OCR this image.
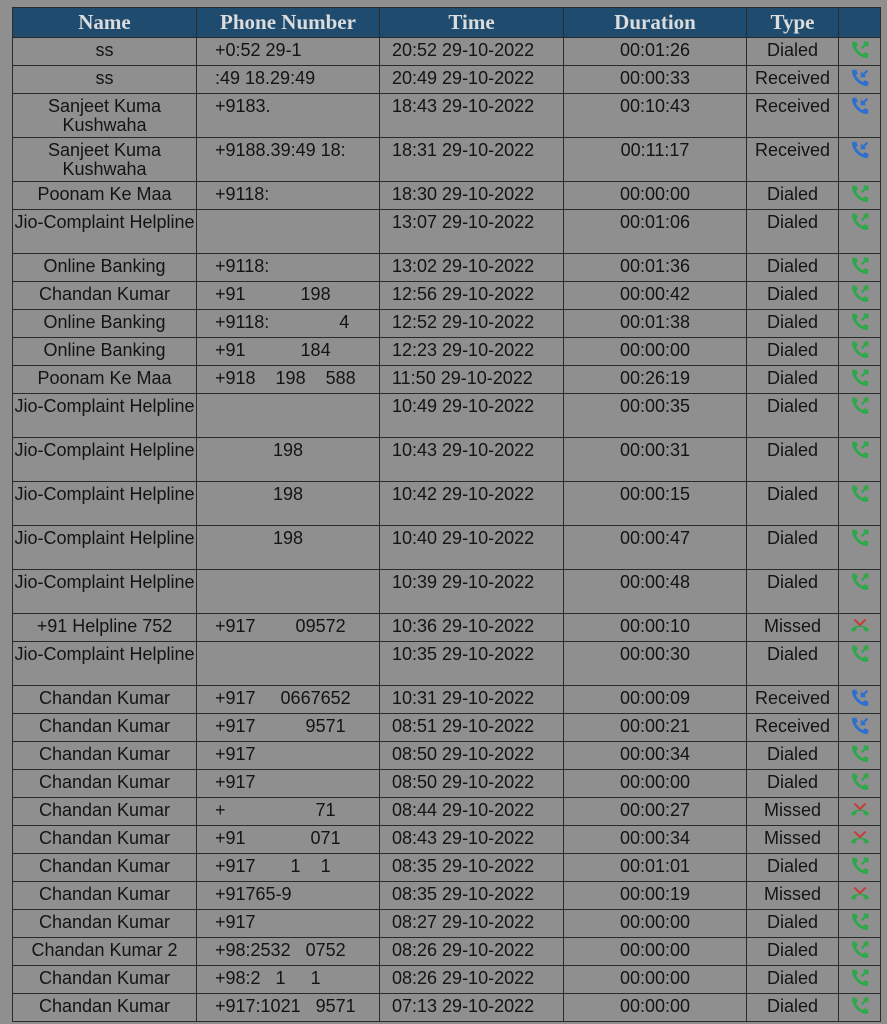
Name	Phone Number	Time	Duration	Type	

ss	+0:52 29-1	20:52 29-10-2022	00:01:26	Dialed

ss	:49 18.29:49	20:49 29-10-2022	00:00:33	Received

Sanjeet Kuma Kushwaha	+9183.	18:43 29-10-2022	00:10:43	Received

Sanjeet Kuma Kushwaha	+9188.39:49 18:	18:31 29-10-2022	00:11:17	Received

Poonam Ke Maa	+9118:	18:30 29-10-2022	00:00:00	Dialed

Jio-Complaint Helpline		13:07 29-10-2022	00:01:06	Dialed

Online Banking	+9118:	13:02 29-10-2022	00:01:36	Dialed

Chandan Kumar	+91           198	12:56 29-10-2022	00:00:42	Dialed

Online Banking	+9118:              4	12:52 29-10-2022	00:01:38	Dialed

Online Banking	+91           184	12:23 29-10-2022	00:00:00	Dialed

Poonam Ke Maa	+918    198    588	11:50 29-10-2022	00:26:19	Dialed

Jio-Complaint Helpline		10:49 29-10-2022	00:00:35	Dialed

Jio-Complaint Helpline	198	10:43 29-10-2022	00:00:31	Dialed

Jio-Complaint Helpline	198	10:42 29-10-2022	00:00:15	Dialed

Jio-Complaint Helpline	198	10:40 29-10-2022	00:00:47	Dialed

Jio-Complaint Helpline		10:39 29-10-2022	00:00:48	Dialed

+91 Helpline 752	+917        09572	10:36 29-10-2022	00:00:10	Missed

Jio-Complaint Helpline		10:35 29-10-2022	00:00:30	Dialed

Chandan Kumar	+917     0667652	10:31 29-10-2022	00:00:09	Received

Chandan Kumar	+917          9571	08:51 29-10-2022	00:00:21	Received

Chandan Kumar	+917	08:50 29-10-2022	00:00:34	Dialed

Chandan Kumar	+917	08:50 29-10-2022	00:00:00	Dialed

Chandan Kumar	+                  71	08:44 29-10-2022	00:00:27	Missed

Chandan Kumar	+91             071	08:43 29-10-2022	00:00:34	Missed

Chandan Kumar	+917       1    1	08:35 29-10-2022	00:01:01	Dialed

Chandan Kumar	+91765-9	08:35 29-10-2022	00:00:19	Missed

Chandan Kumar	+917	08:27 29-10-2022	00:00:00	Dialed

Chandan Kumar 2	+98:2532   0752	08:26 29-10-2022	00:00:00	Dialed

Chandan Kumar	+98:2   1     1	08:26 29-10-2022	00:00:00	Dialed

Chandan Kumar	+917:1021   9571	07:13 29-10-2022	00:00:00	Dialed
